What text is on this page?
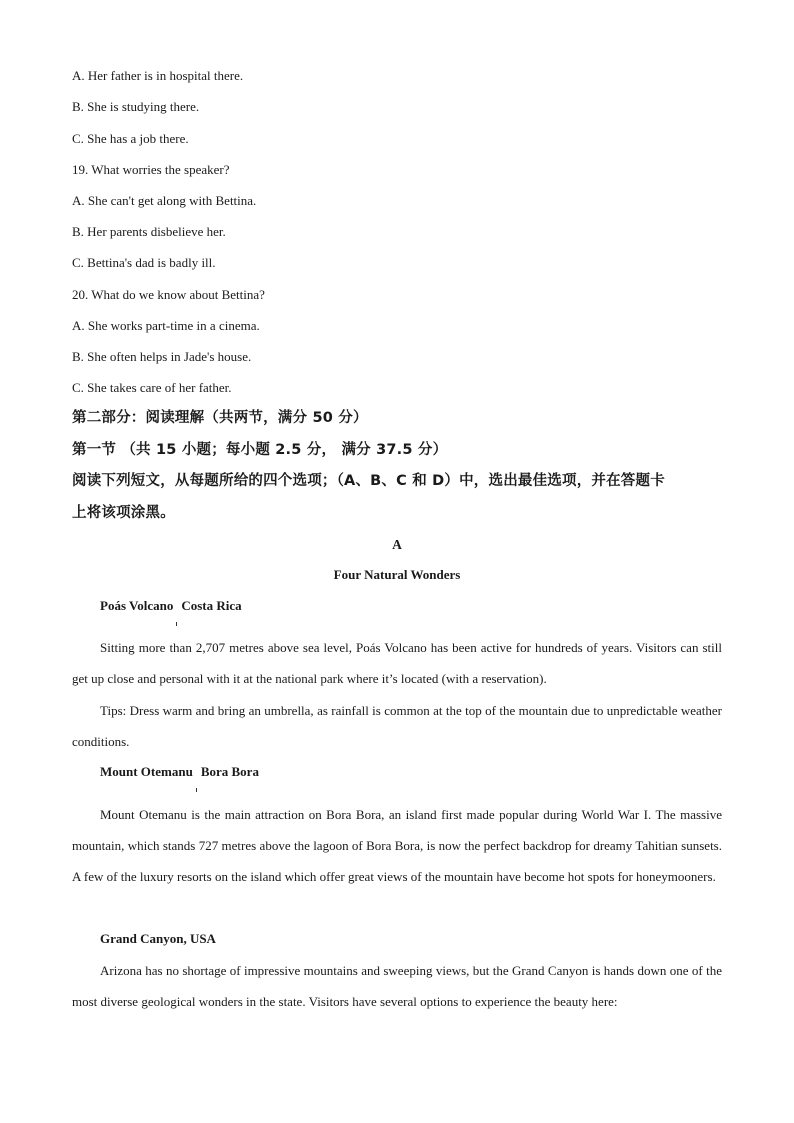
A. Her father is in hospital there.
B. She is studying there.
C. She has a job there.
19. What worries the speaker?
A. She can't get along with Bettina.
B. Her parents disbelieve her.
C. Bettina's dad is badly ill.
20. What do we know about Bettina?
A. She works part-time in a cinema.
B. She often helps in Jade's house.
C. She takes care of her father.
第二部分：阅读理解（共两节，满分 50 分）
第一节 （共 15 小题；每小题 2.5 分， 满分 37.5 分）
阅读下列短文，从每题所给的四个选项；（A、B、C 和 D）中，选出最佳选项，并在答题卡
上将该项涂黑。
A
Four Natural Wonders
Poás Volcano Costa Rica
Sitting more than 2,707 metres above sea level, Poás Volcano has been active for hundreds of years. Visitors can still get up close and personal with it at the national park where it’s located (with a reservation).
Tips: Dress warm and bring an umbrella, as rainfall is common at the top of the mountain due to unpredictable weather conditions.
Mount Otemanu Bora Bora
Mount Otemanu is the main attraction on Bora Bora, an island first made popular during World War I. The massive mountain, which stands 727 metres above the lagoon of Bora Bora, is now the perfect backdrop for dreamy Tahitian sunsets. A few of the luxury resorts on the island which offer great views of the mountain have become hot spots for honeymooners.
Grand Canyon, USA
Arizona has no shortage of impressive mountains and sweeping views, but the Grand Canyon is hands down one of the most diverse geological wonders in the state. Visitors have several options to experience the beauty here:
